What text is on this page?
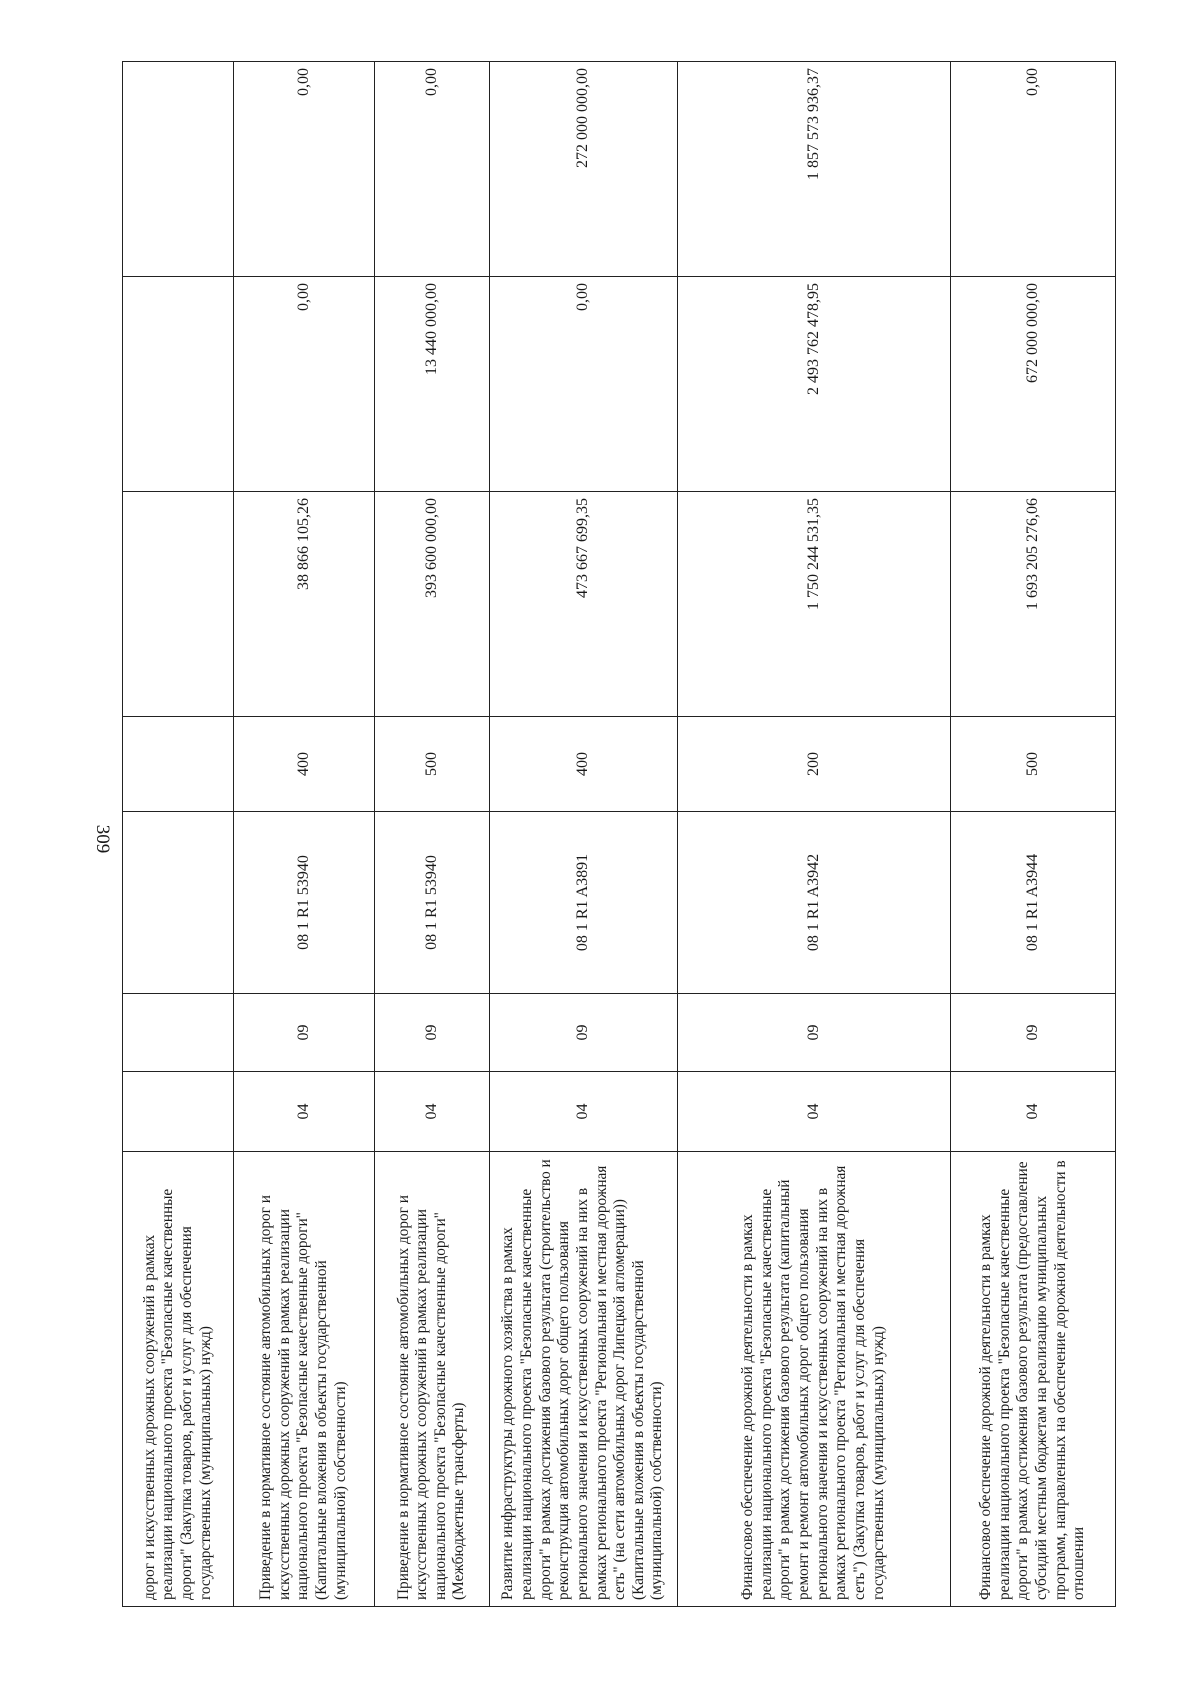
309
дорог и искусственных дорожных сооружений в рамках реализации национального проекта "Безопасные качественные дороги" (Закупка товаров, работ и услуг для обеспечения государственных (муниципальных) нужд)							
Приведение в нормативное состояние автомобильных дорог и искусственных дорожных сооружений в рамках реализации национального проекта "Безопасные качественные дороги" (Капитальные вложения в объекты государственной (муниципальной) собственности)	04	09	08 1 R1 53940	400	38 866 105,26	0,00	0,00
Приведение в нормативное состояние автомобильных дорог и искусственных дорожных сооружений в рамках реализации национального проекта "Безопасные качественные дороги" (Межбюджетные трансферты)	04	09	08 1 R1 53940	500	393 600 000,00	13 440 000,00	0,00
Развитие инфраструктуры дорожного хозяйства в рамках реализации национального проекта "Безопасные качественные дороги" в рамках достижения базового результата (строительство и реконструкция автомобильных дорог общего пользования регионального значения и искусственных сооружений на них в рамках регионального проекта "Региональная и местная дорожная сеть" (на сети автомобильных дорог Липецкой агломерации)) (Капитальные вложения в объекты государственной (муниципальной) собственности)	04	09	08 1 R1 A3891	400	473 667 699,35	0,00	272 000 000,00
Финансовое обеспечение дорожной деятельности в рамках реализации национального проекта "Безопасные качественные дороги" в рамках достижения базового результата (капитальный ремонт и ремонт автомобильных дорог общего пользования регионального значения и искусственных сооружений на них в рамках регионального проекта "Региональная и местная дорожная сеть") (Закупка товаров, работ и услуг для обеспечения государственных (муниципальных) нужд)	04	09	08 1 R1 A3942	200	1 750 244 531,35	2 493 762 478,95	1 857 573 936,37
Финансовое обеспечение дорожной деятельности в рамках реализации национального проекта "Безопасные качественные дороги" в рамках достижения базового результата (предоставление субсидий местным бюджетам на реализацию муниципальных программ, направленных на обеспечение дорожной деятельности в отношении	04	09	08 1 R1 A3944	500	1 693 205 276,06	672 000 000,00	0,00
